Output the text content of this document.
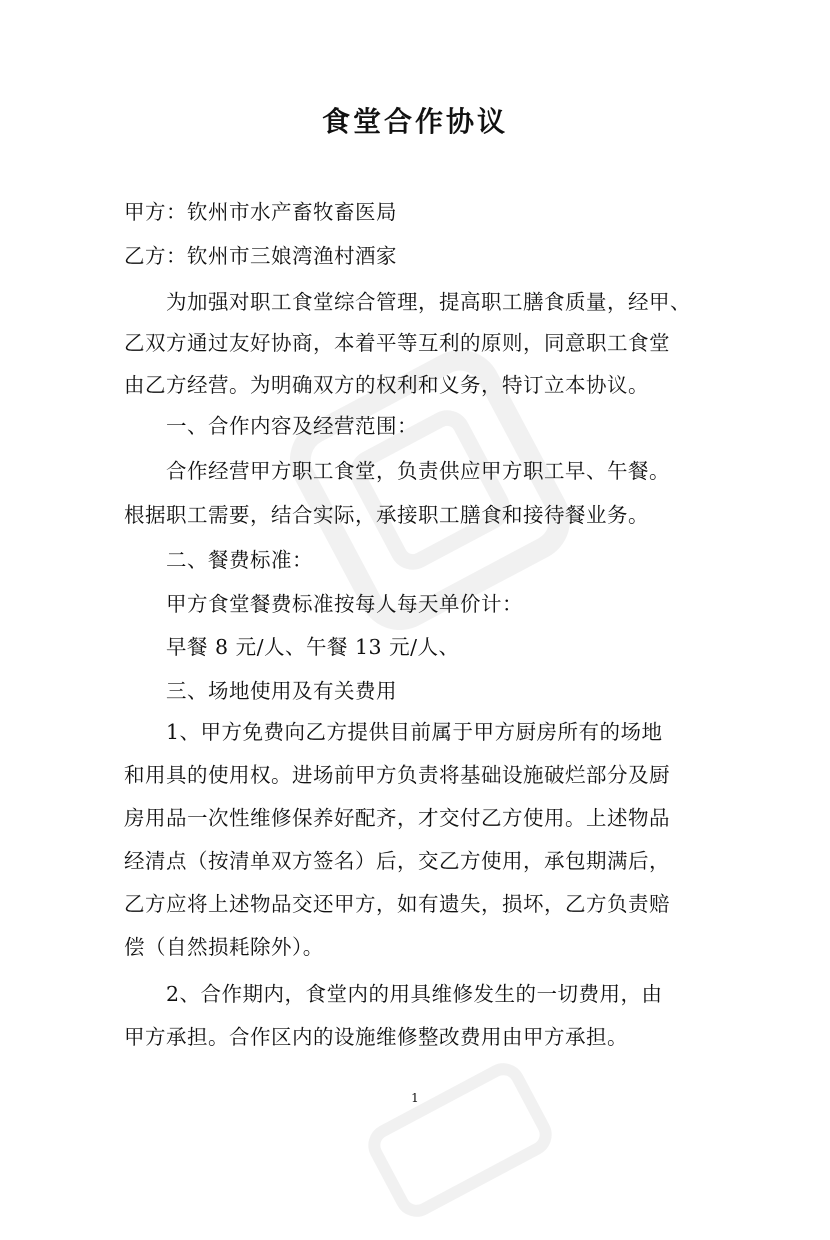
食堂合作协议
甲方：钦州市水产畜牧畜医局
乙方：钦州市三娘湾渔村酒家
为加强对职工食堂综合管理，提高职工膳食质量，经甲、
乙双方通过友好协商，本着平等互利的原则，同意职工食堂
由乙方经营。为明确双方的权利和义务，特订立本协议。
一、合作内容及经营范围：
合作经营甲方职工食堂，负责供应甲方职工早、午餐。
根据职工需要，结合实际，承接职工膳食和接待餐业务。
二、餐费标准：
甲方食堂餐费标准按每人每天单价计：
早餐 8 元/人、午餐 13 元/人、
三、场地使用及有关费用
1、甲方免费向乙方提供目前属于甲方厨房所有的场地
和用具的使用权。进场前甲方负责将基础设施破烂部分及厨
房用品一次性维修保养好配齐，才交付乙方使用。上述物品
经清点（按清单双方签名）后，交乙方使用，承包期满后，
乙方应将上述物品交还甲方，如有遗失，损坏，乙方负责赔
偿（自然损耗除外）。
2、合作期内，食堂内的用具维修发生的一切费用，由
甲方承担。合作区内的设施维修整改费用由甲方承担。
1
